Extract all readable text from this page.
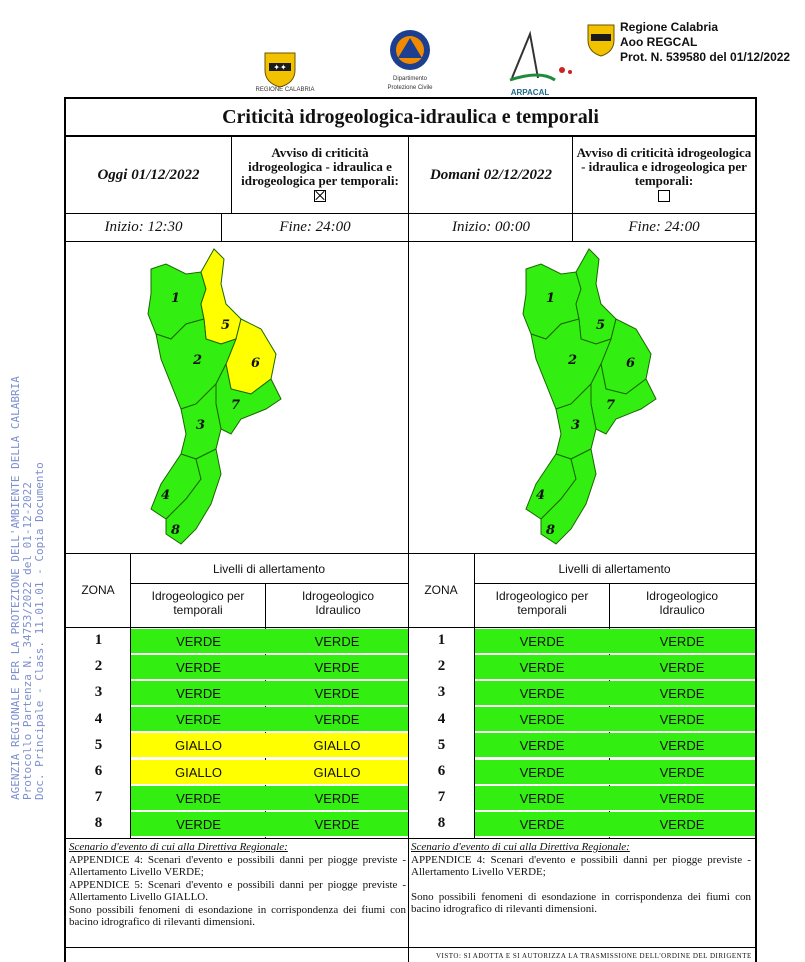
✦✦
REGIONE CALABRIA
Dipartimento
Protezione Civile	ARPACAL
Regione Calabria
Aoo REGCAL
Prot. N. 539580 del 01/12/2022
AGENZIA REGIONALE PER LA PROTEZIONE DELL'AMBIENTE DELLA CALABRIA Protocollo Partenza N. 34753/2022 del 01-12-2022 Doc. Principale - Class. 11.01.01 - Copia Documento
Criticità idrogeologica-idraulica e temporali
Oggi 01/12/2022
Avviso di criticità idrogeologica - idraulica e idrogeologica per temporali:	Domani 02/12/2022
Avviso di criticità idrogeologica - idraulica e idrogeologica per temporali:
Inizio: 12:30	Fine: 24:00	Inizio: 00:00	Fine: 24:00
1
5
2	6
7
3
4
8
1
5
2	6
7
3
4
8
ZONA
Livelli di allertamento
Idrogeologico per temporali
Idrogeologico Idraulico
ZONA
Livelli di allertamento
Idrogeologico per temporali
Idrogeologico Idraulico
1	VERDE	VERDE
2	VERDE	VERDE
3	VERDE	VERDE
4	VERDE	VERDE
5	GIALLO	GIALLO
6	GIALLO	GIALLO
7	VERDE	VERDE
8	VERDE	VERDE
1	VERDE	VERDE
2	VERDE	VERDE
3	VERDE	VERDE
4	VERDE	VERDE
5	VERDE	VERDE
6	VERDE	VERDE
7	VERDE	VERDE
8	VERDE	VERDE
Scenario d'evento di cui alla Direttiva Regionale:
APPENDICE 4: Scenari d'evento e possibili danni per piogge previste - Allertamento Livello VERDE;
APPENDICE 5: Scenari d'evento e possibili danni per piogge previste - Allertamento Livello GIALLO.
Sono possibili fenomeni di esondazione in corrispondenza dei fiumi con bacino idrografico di rilevanti dimensioni.
Scenario d'evento di cui alla Direttiva Regionale:
APPENDICE 4: Scenari d'evento e possibili danni per piogge previste - Allertamento Livello VERDE;
Sono possibili fenomeni di esondazione in corrispondenza dei fiumi con bacino idrografico di rilevanti dimensioni.
VISTO: SI ADOTTA E SI AUTORIZZA LA TRASMISSIONE DELL'ORDINE DEL DIRIGENTE
